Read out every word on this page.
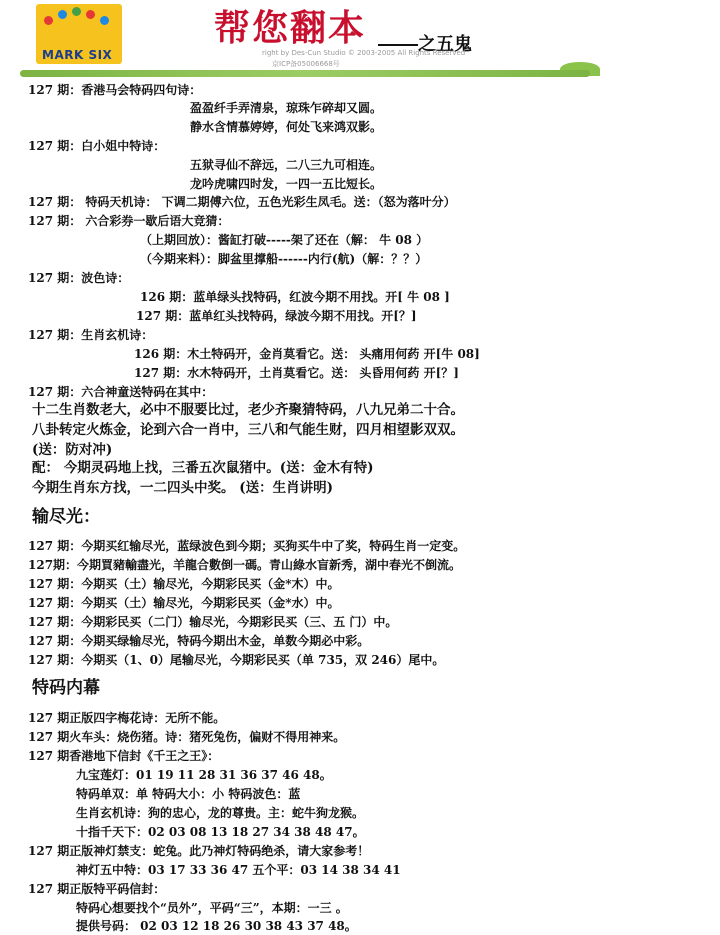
MARK SIX
帮您翻本	之五鬼
right by Des-Cun Studio © 2003-2005 All Rights Reserved
京ICP备05006668号
127 期：香港马会特码四句诗：
盈盈纤手弄清泉，琼珠乍碎却又圆。
静水含情慕婷婷，何处飞来鸿双影。
127 期：白小姐中特诗：
五狱寻仙不辞远，二八三九可相连。
龙吟虎啸四时发，一四一五比短长。
127 期： 特码天机诗： 下调二期傅六位，五色光彩生凤毛。送：（怒为落叶分）
127 期： 六合彩券一歇后语大竞猜：
（上期回放）：酱缸打破-----架了还在（解： 牛 08 ）
（今期来料）：脚盆里撑船------内行(航)（解：？？）
127 期：波色诗：
126 期：蓝单绿头找特码，红波今期不用找。开[ 牛 08 ]
127 期：蓝单红头找特码，绿波今期不用找。开[？]
127 期：生肖玄机诗：
126 期：木土特码开，金肖莫看它。送： 头痛用何药 开[牛 08]
127 期：水木特码开，土肖莫看它。送： 头昏用何药 开[？]
127 期：六合神童送特码在其中：
十二生肖数老大，必中不服要比过，老少齐聚猜特码，八九兄弟二十合。
八卦转定火炼金，论到六合一肖中，三八和气能生财，四月相望影双双。
(送：防对冲)
配： 今期灵码地上找，三番五次鼠猪中。(送：金木有特)
今期生肖东方找，一二四头中奖。 (送：生肖讲明)
输尽光：
127 期：今期买红输尽光，蓝绿波色到今期；买狗买牛中了奖，特码生肖一定变。
127期：今期買豬輸盡光，羊龍合數倒一碼。青山綠水盲新秀，湖中春光不倒流。
127 期：今期买（土）输尽光，今期彩民买（金*木）中。
127 期：今期买（土）输尽光，今期彩民买（金*水）中。
127 期：今期彩民买（二门）输尽光，今期彩民买（三、五 门）中。
127 期：今期买绿输尽光，特码今期出木金，单数今期必中彩。
127 期：今期买（1、0）尾输尽光，今期彩民买（单 735，双 246）尾中。
特码内幕
127 期正版四字梅花诗：无所不能。
127 期火车头：烧伤猪。诗：猪死兔伤，偏财不得用神来。
127 期香港地下信封《千王之王》：
九宝莲灯：01 19 11 28 31 36 37 46 48。
特码单双：单 特码大小：小 特码波色：蓝
生肖玄机诗：狗的忠心，龙的尊贵。主：蛇牛狗龙猴。
十指千天下：02 03 08 13 18 27 34 38 48 47。
127 期正版神灯禁支：蛇兔。此乃神灯特码绝杀，请大家参考！
神灯五中特：03 17 33 36 47 五个平：03 14 38 34 41
127 期正版特平码信封：
特码心想要找个“员外”，平码“三”，本期：一三 。
提供号码： 02 03 12 18 26 30 38 43 37 48。
